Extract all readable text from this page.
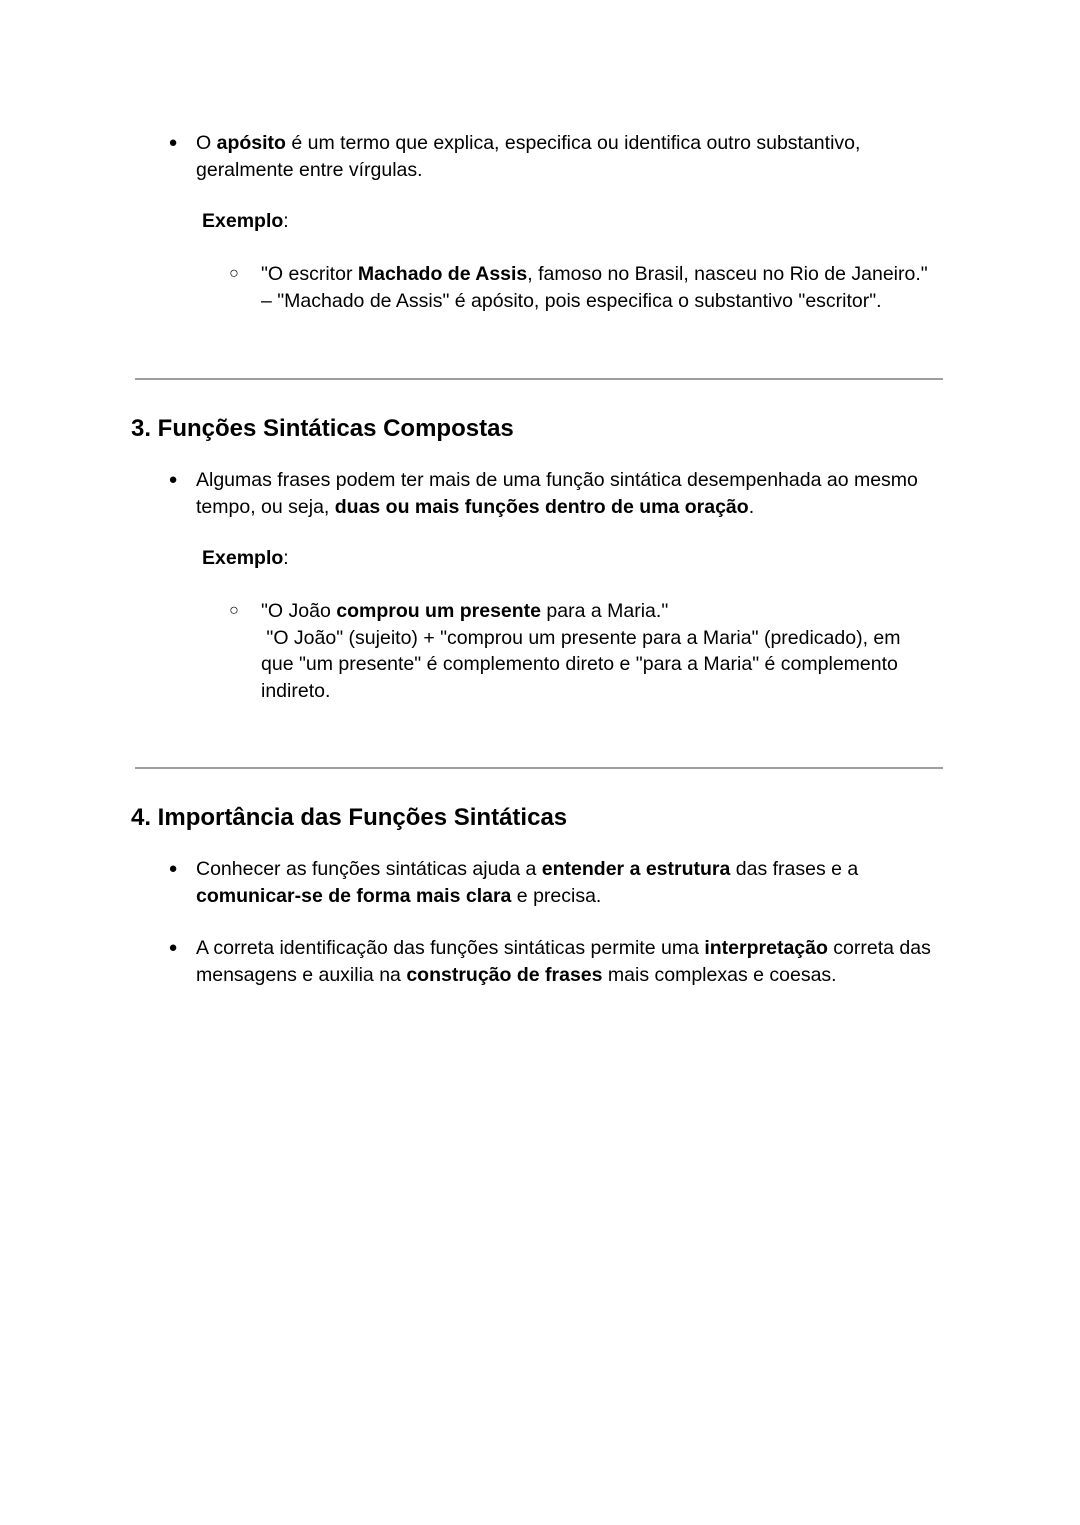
● O apósito é um termo que explica, especifica ou identifica outro substantivo,
geralmente entre vírgulas.
Exemplo:
○ "O escritor Machado de Assis, famoso no Brasil, nasceu no Rio de Janeiro."
– "Machado de Assis" é apósito, pois especifica o substantivo "escritor".
3. Funções Sintáticas Compostas
● Algumas frases podem ter mais de uma função sintática desempenhada ao mesmo
tempo, ou seja, duas ou mais funções dentro de uma oração.
Exemplo:
○ "O João comprou um presente para a Maria."
"O João" (sujeito) + "comprou um presente para a Maria" (predicado), em
que "um presente" é complemento direto e "para a Maria" é complemento
indireto.
4. Importância das Funções Sintáticas
● Conhecer as funções sintáticas ajuda a entender a estrutura das frases e a
comunicar-se de forma mais clara e precisa.
● A correta identificação das funções sintáticas permite uma interpretação correta das
mensagens e auxilia na construção de frases mais complexas e coesas.
